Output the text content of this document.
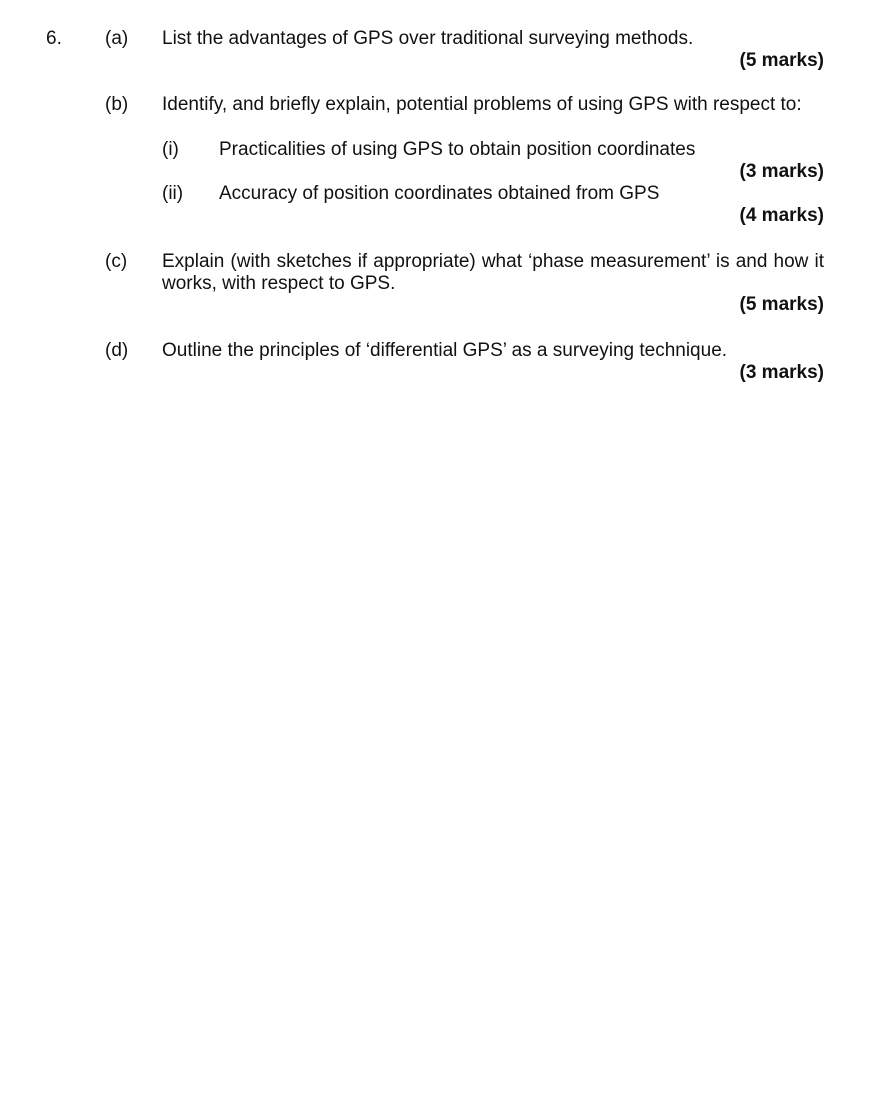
6. (a) List the advantages of GPS over traditional surveying methods.
(5 marks)
(b) Identify, and briefly explain, potential problems of using GPS with respect to:
(i) Practicalities of using GPS to obtain position coordinates
(3 marks)
(ii) Accuracy of position coordinates obtained from GPS
(4 marks)
(c) Explain (with sketches if appropriate) what ‘phase measurement’ is and how it works, with respect to GPS.
(5 marks)
(d) Outline the principles of ‘differential GPS’ as a surveying technique.
(3 marks)
